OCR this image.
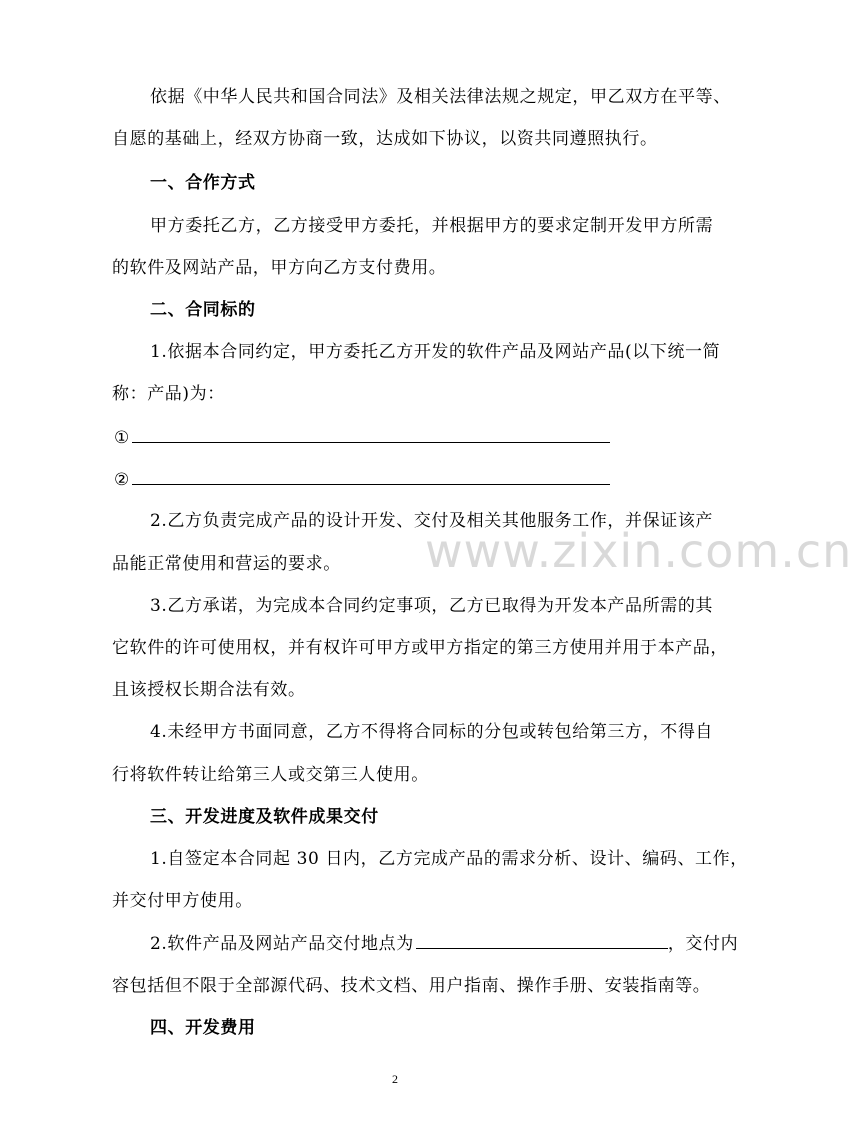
依据《中华人民共和国合同法》及相关法律法规之规定，甲乙双方在平等、
自愿的基础上，经双方协商一致，达成如下协议，以资共同遵照执行。
一、合作方式
甲方委托乙方，乙方接受甲方委托，并根据甲方的要求定制开发甲方所需
的软件及网站产品，甲方向乙方支付费用。
二、合同标的
1.依据本合同约定，甲方委托乙方开发的软件产品及网站产品(以下统一简
称：产品)为：
①
②
2.乙方负责完成产品的设计开发、交付及相关其他服务工作，并保证该产
品能正常使用和营运的要求。
3.乙方承诺，为完成本合同约定事项，乙方已取得为开发本产品所需的其
它软件的许可使用权，并有权许可甲方或甲方指定的第三方使用并用于本产品，
且该授权长期合法有效。
4.未经甲方书面同意，乙方不得将合同标的分包或转包给第三方，不得自
行将软件转让给第三人或交第三人使用。
三、开发进度及软件成果交付
1.自签定本合同起 30 日内，乙方完成产品的需求分析、设计、编码、工作，
并交付甲方使用。
2.软件产品及网站产品交付地点为	，交付内
容包括但不限于全部源代码、技术文档、用户指南、操作手册、安装指南等。
四、开发费用
www.zixin.com.cn
2
